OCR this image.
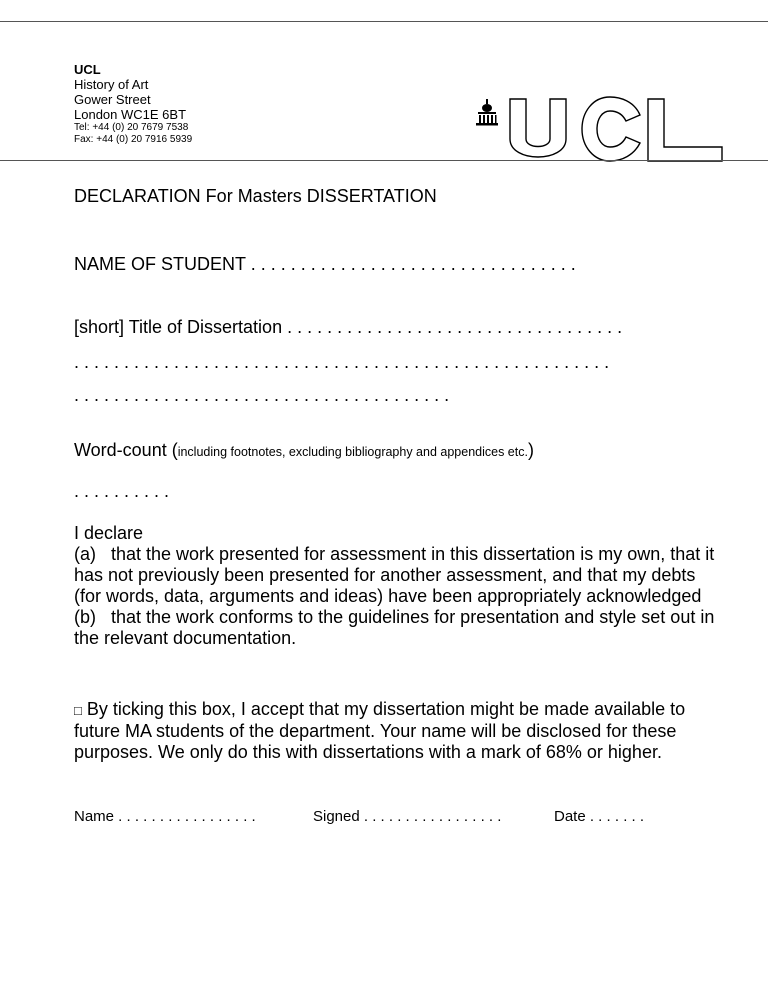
UCL
History of Art
Gower Street
London WC1E 6BT
Tel: +44 (0) 20 7679 7538
Fax: +44 (0) 20 7916 5939
DECLARATION For Masters DISSERTATION
NAME OF STUDENT . . . . . . . . . . . . . . . . . . . . . . . . . . . . . . . . .
[short] Title of Dissertation . . . . . . . . . . . . . . . . . . . . . . . . . . . . . . . . . .
. . . . . . . . . . . . . . . . . . . . . . . . . . . . . . . . . . . . . . . . . . . . . . . . . . . . . .
. . . . . . . . . . . . . . . . . . . . . . . . . . . . . . . . . . . . . .
Word-count (including footnotes, excluding bibliography and appendices etc.)
. . . . . . . . . .
I declare
(a)   that the work presented for assessment in this dissertation is my own, that it has not previously been presented for another assessment, and that my debts (for words, data, arguments and ideas) have been appropriately acknowledged
(b)   that the work conforms to the guidelines for presentation and style set out in the relevant documentation.
□ By ticking this box, I accept that my dissertation might be made available to future MA students of the department. Your name will be disclosed for these purposes. We only do this with dissertations with a mark of 68% or higher.
Name . . . . . . . . . . . . . . . . .	Signed . . . . . . . . . . . . . . . . .	Date . . . . . . .
